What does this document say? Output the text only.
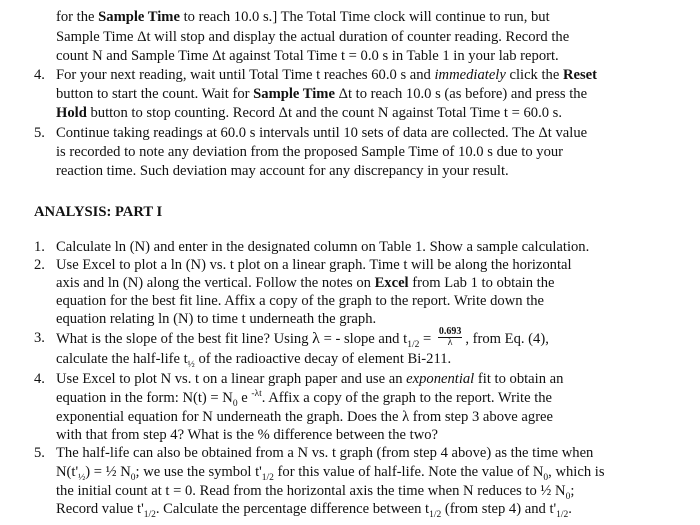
for the Sample Time to reach 10.0 s.] The Total Time clock will continue to run, but
Sample Time Δt will stop and display the actual duration of counter reading. Record the
count N and Sample Time Δt against Total Time t = 0.0 s in Table 1 in your lab report.
4. For your next reading, wait until Total Time t reaches 60.0 s and immediately click the Reset
button to start the count. Wait for Sample Time Δt to reach 10.0 s (as before) and press the
Hold button to stop counting. Record Δt and the count N against Total Time t = 60.0 s.
5. Continue taking readings at 60.0 s intervals until 10 sets of data are collected. The Δt value
is recorded to note any deviation from the proposed Sample Time of 10.0 s due to your
reaction time. Such deviation may account for any discrepancy in your result.
ANALYSIS: PART I
1. Calculate ln (N) and enter in the designated column on Table 1. Show a sample calculation.
2. Use Excel to plot a ln (N) vs. t plot on a linear graph. Time t will be along the horizontal
axis and ln (N) along the vertical. Follow the notes on Excel from Lab 1 to obtain the
equation for the best fit line. Affix a copy of the graph to the report. Write down the
equation relating ln (N) to time t underneath the graph.
3. What is the slope of the best fit line? Using λ = - slope and $t_{1/2} = \frac{0.693}{\lambda}$ , from Eq. (4),
calculate the half-life $t_{\frac{1}{2}}$ of the radioactive decay of element Bi-211.
4. Use Excel to plot N vs. t on a linear graph paper and use an exponential fit to obtain an
equation in the form: $N(t) = N_0$ e $^{-\lambda t}$. Affix a copy of the graph to the report. Write the
exponential equation for N underneath the graph. Does the λ from step 3 above agree
with that from step 4? What is the % difference between the two?
5. The half-life can also be obtained from a N vs. t graph (from step 4 above) as the time when
$N(t'_{\frac{1}{2}})$ = ½ $N_0$; we use the symbol $t'_{1/2}$ for this value of half-life. Note the value of $N_0$, which is
the initial count at t = 0. Read from the horizontal axis the time when N reduces to ½ $N_0$;
Record value $t'_{1/2}$. Calculate the percentage difference between $t_{1/2}$ (from step 4) and $t'_{1/2}$.
